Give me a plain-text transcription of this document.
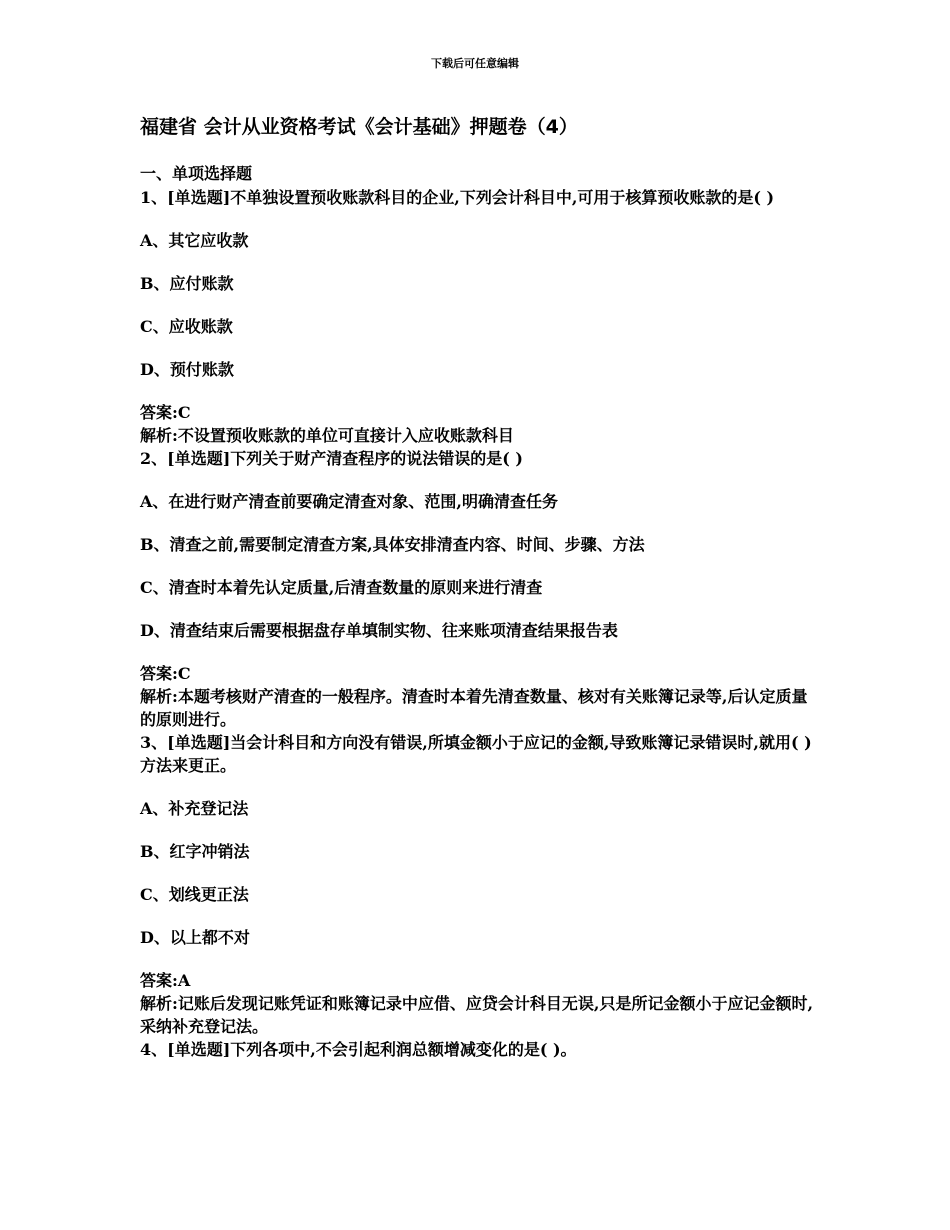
下载后可任意编辑
福建省 会计从业资格考试《会计基础》押题卷（4）
一、单项选择题

1、[单选题]不单独设置预收账款科目的企业,下列会计科目中,可用于核算预收账款的是( )

A、其它应收款

B、应付账款

C、应收账款

D、预付账款

答案:C

解析:不设置预收账款的单位可直接计入应收账款科目

2、[单选题]下列关于财产清查程序的说法错误的是( )

A、在进行财产清查前要确定清查对象、范围,明确清查任务

B、清查之前,需要制定清查方案,具体安排清查内容、时间、步骤、方法

C、清查时本着先认定质量,后清查数量的原则来进行清查

D、清查结束后需要根据盘存单填制实物、往来账项清查结果报告表

答案:C

解析:本题考核财产清查的一般程序。清查时本着先清查数量、核对有关账簿记录等,后认定质量的原则进行。

3、[单选题]当会计科目和方向没有错误,所填金额小于应记的金额,导致账簿记录错误时,就用( )方法来更正。

A、补充登记法

B、红字冲销法

C、划线更正法

D、以上都不对

答案:A

解析:记账后发现记账凭证和账簿记录中应借、应贷会计科目无误,只是所记金额小于应记金额时,采纳补充登记法。

4、[单选题]下列各项中,不会引起利润总额增减变化的是( )。
